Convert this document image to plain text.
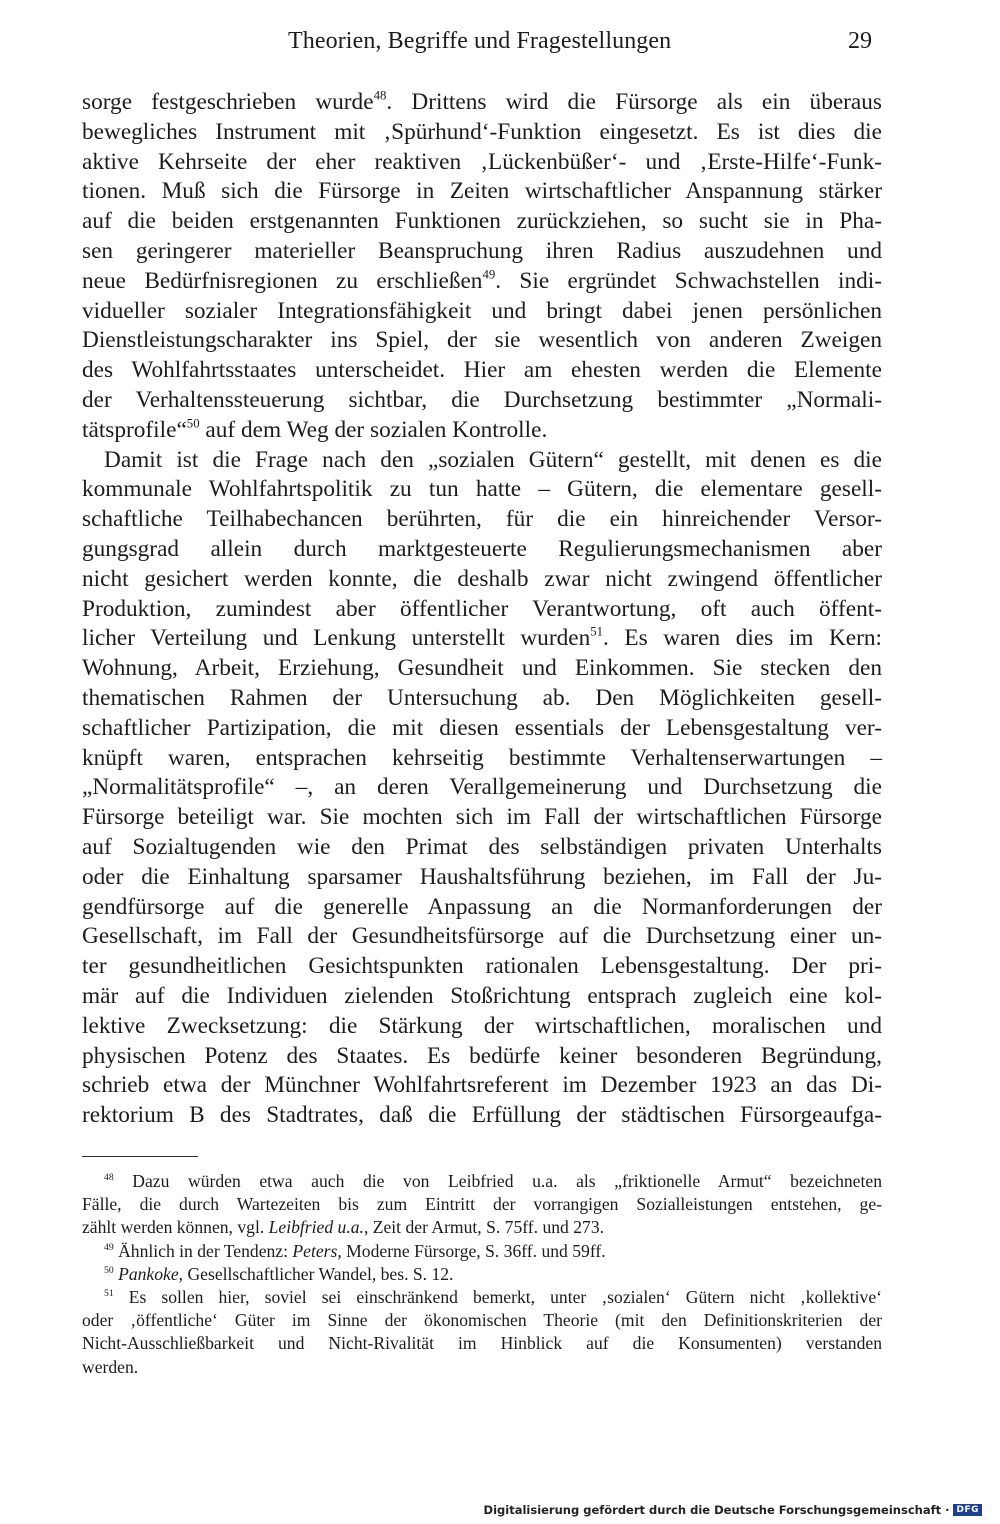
Theorien, Begriffe und Fragestellungen	29
sorge festgeschrieben wurde$^{48}$. Drittens wird die Fürsorge als ein überaus
bewegliches Instrument mit ‚Spürhund‘-Funktion eingesetzt. Es ist dies die
aktive Kehrseite der eher reaktiven ‚Lückenbüßer‘- und ‚Erste-Hilfe‘-Funk-
tionen. Muß sich die Fürsorge in Zeiten wirtschaftlicher Anspannung stärker
auf die beiden erstgenannten Funktionen zurückziehen, so sucht sie in Pha-
sen geringerer materieller Beanspruchung ihren Radius auszudehnen und
neue Bedürfnisregionen zu erschließen$^{49}$. Sie ergründet Schwachstellen indi-
vidueller sozialer Integrationsfähigkeit und bringt dabei jenen persönlichen
Dienstleistungscharakter ins Spiel, der sie wesentlich von anderen Zweigen
des Wohlfahrtsstaates unterscheidet. Hier am ehesten werden die Elemente
der Verhaltenssteuerung sichtbar, die Durchsetzung bestimmter „Normali-
tätsprofile“$^{50}$ auf dem Weg der sozialen Kontrolle.
Damit ist die Frage nach den „sozialen Gütern“ gestellt, mit denen es die
kommunale Wohlfahrtspolitik zu tun hatte – Gütern, die elementare gesell-
schaftliche Teilhabechancen berührten, für die ein hinreichender Versor-
gungsgrad allein durch marktgesteuerte Regulierungsmechanismen aber
nicht gesichert werden konnte, die deshalb zwar nicht zwingend öffentlicher
Produktion, zumindest aber öffentlicher Verantwortung, oft auch öffent-
licher Verteilung und Lenkung unterstellt wurden$^{51}$. Es waren dies im Kern:
Wohnung, Arbeit, Erziehung, Gesundheit und Einkommen. Sie stecken den
thematischen Rahmen der Untersuchung ab. Den Möglichkeiten gesell-
schaftlicher Partizipation, die mit diesen essentials der Lebensgestaltung ver-
knüpft waren, entsprachen kehrseitig bestimmte Verhaltenserwartungen –
„Normalitätsprofile“ –, an deren Verallgemeinerung und Durchsetzung die
Fürsorge beteiligt war. Sie mochten sich im Fall der wirtschaftlichen Fürsorge
auf Sozialtugenden wie den Primat des selbständigen privaten Unterhalts
oder die Einhaltung sparsamer Haushaltsführung beziehen, im Fall der Ju-
gendfürsorge auf die generelle Anpassung an die Normanforderungen der
Gesellschaft, im Fall der Gesundheitsfürsorge auf die Durchsetzung einer un-
ter gesundheitlichen Gesichtspunkten rationalen Lebensgestaltung. Der pri-
mär auf die Individuen zielenden Stoßrichtung entsprach zugleich eine kol-
lektive Zwecksetzung: die Stärkung der wirtschaftlichen, moralischen und
physischen Potenz des Staates. Es bedürfe keiner besonderen Begründung,
schrieb etwa der Münchner Wohlfahrtsreferent im Dezember 1923 an das Di-
rektorium B des Stadtrates, daß die Erfüllung der städtischen Fürsorgeaufga-
$^{48}$ Dazu würden etwa auch die von Leibfried u.a. als „friktionelle Armut“ bezeichneten
Fälle, die durch Wartezeiten bis zum Eintritt der vorrangigen Sozialleistungen entstehen, ge-
zählt werden können, vgl. Leibfried u.a., Zeit der Armut, S. 75ff. und 273.
$^{49}$ Ähnlich in der Tendenz: Peters, Moderne Fürsorge, S. 36ff. und 59ff.
$^{50}$ Pankoke, Gesellschaftlicher Wandel, bes. S. 12.
$^{51}$ Es sollen hier, soviel sei einschränkend bemerkt, unter ‚sozialen‘ Gütern nicht ‚kollektive‘
oder ‚öffentliche‘ Güter im Sinne der ökonomischen Theorie (mit den Definitionskriterien der
Nicht-Ausschließbarkeit und Nicht-Rivalität im Hinblick auf die Konsumenten) verstanden
werden.
Digitalisierung gefördert durch die Deutsche Forschungsgemeinschaft · DFG
